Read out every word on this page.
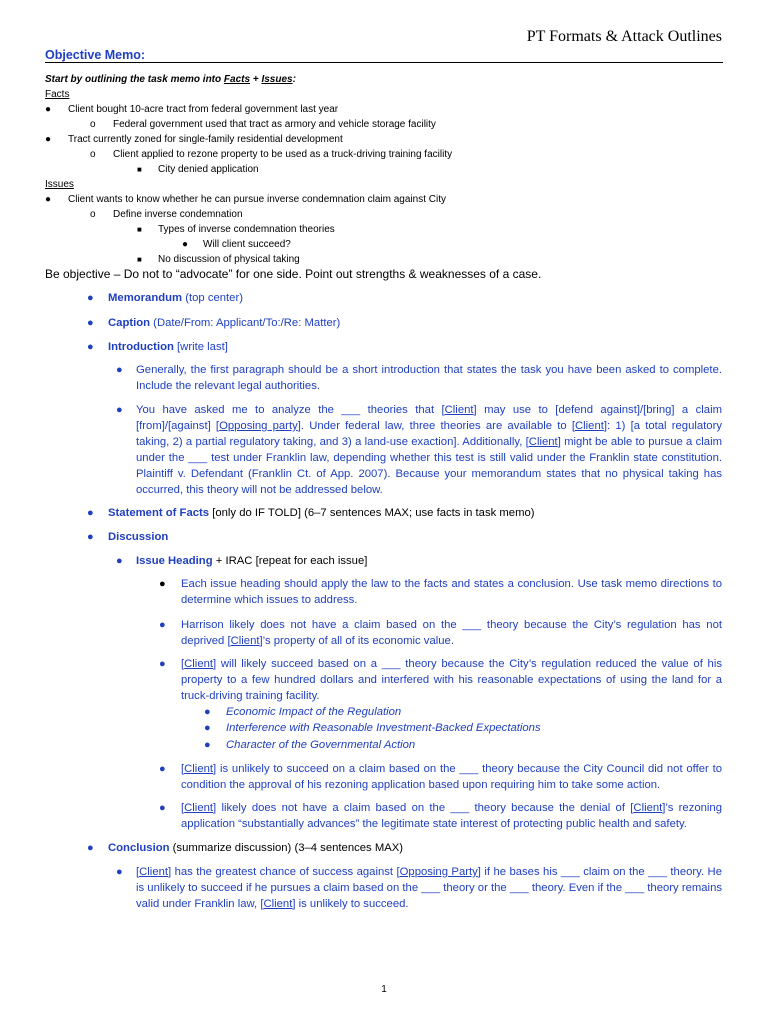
PT Formats & Attack Outlines
Objective Memo:
Start by outlining the task memo into Facts + Issues:
Facts
● Client bought 10-acre tract from federal government last year
o Federal government used that tract as armory and vehicle storage facility
● Tract currently zoned for single-family residential development
o Client applied to rezone property to be used as a truck-driving training facility
■ City denied application
Issues
● Client wants to know whether he can pursue inverse condemnation claim against City
o Define inverse condemnation
■ Types of inverse condemnation theories
● Will client succeed?
■ No discussion of physical taking
Be objective – Do not to “advocate” for one side. Point out strengths & weaknesses of a case.
● Memorandum (top center)
● Caption (Date/From: Applicant/To:/Re: Matter)
● Introduction [write last]
● Generally, the first paragraph should be a short introduction that states the task you have been asked to complete. Include the relevant legal authorities.
● You have asked me to analyze the ___ theories that [Client] may use to [defend against]/[bring] a claim [from]/[against] [Opposing party]. Under federal law, three theories are available to [Client]: 1) [a total regulatory taking, 2) a partial regulatory taking, and 3) a land-use exaction]. Additionally, [Client] might be able to pursue a claim under the ___ test under Franklin law, depending whether this test is still valid under the Franklin state constitution. Plaintiff v. Defendant (Franklin Ct. of App. 2007). Because your memorandum states that no physical taking has occurred, this theory will not be addressed below.
● Statement of Facts [only do IF TOLD] (6–7 sentences MAX; use facts in task memo)
● Discussion
● Issue Heading + IRAC [repeat for each issue]
● Each issue heading should apply the law to the facts and states a conclusion. Use task memo directions to determine which issues to address.
● Harrison likely does not have a claim based on the ___ theory because the City’s regulation has not deprived [Client]’s property of all of its economic value.
● [Client] will likely succeed based on a ___ theory because the City’s regulation reduced the value of his property to a few hundred dollars and interfered with his reasonable expectations of using the land for a truck-driving training facility.
● Economic Impact of the Regulation
● Interference with Reasonable Investment-Backed Expectations
● Character of the Governmental Action
● [Client] is unlikely to succeed on a claim based on the ___ theory because the City Council did not offer to condition the approval of his rezoning application based upon requiring him to take some action.
● [Client] likely does not have a claim based on the ___ theory because the denial of [Client]’s rezoning application “substantially advances” the legitimate state interest of protecting public health and safety.
● Conclusion (summarize discussion) (3–4 sentences MAX)
● [Client] has the greatest chance of success against [Opposing Party] if he bases his ___ claim on the ___ theory. He is unlikely to succeed if he pursues a claim based on the ___ theory or the ___ theory. Even if the ___ theory remains valid under Franklin law, [Client] is unlikely to succeed.
1
